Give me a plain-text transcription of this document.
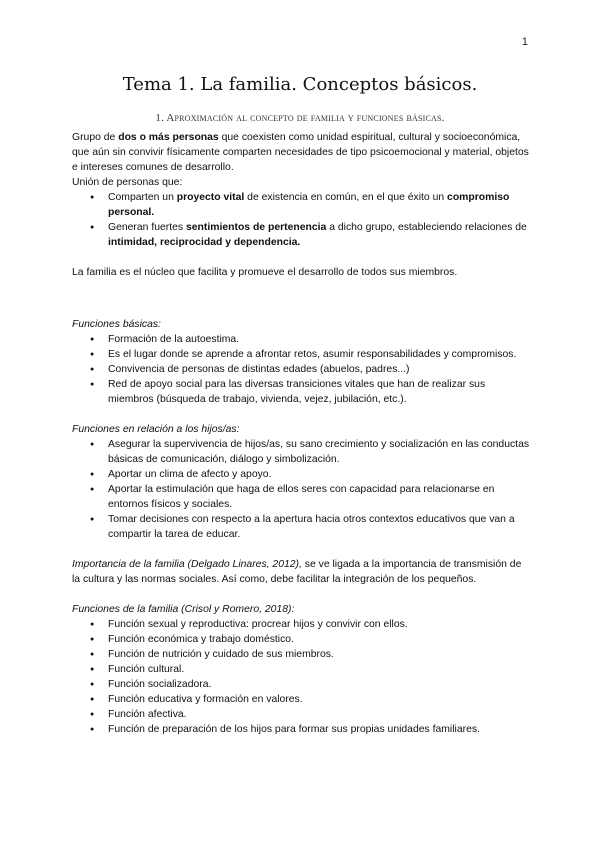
1
Tema 1. La familia. Conceptos básicos.
1. Aproximación al concepto de familia y funciones básicas.

Grupo de dos o más personas que coexisten como unidad espiritual, cultural y socioeconómica, que aún sin convivir físicamente comparten necesidades de tipo psicoemocional y material, objetos e intereses comunes de desarrollo.

Unión de personas que:

● Comparten un proyecto vital de existencia en común, en el que éxito un compromiso personal.
● Generan fuertes sentimientos de pertenencia a dicho grupo, estableciendo relaciones de intimidad, reciprocidad y dependencia.

La familia es el núcleo que facilita y promueve el desarrollo de todos sus miembros.

Funciones básicas:

● Formación de la autoestima.
● Es el lugar donde se aprende a afrontar retos, asumir responsabilidades y compromisos.
● Convivencia de personas de distintas edades (abuelos, padres...)
● Red de apoyo social para las diversas transiciones vitales que han de realizar sus miembros (búsqueda de trabajo, vivienda, vejez, jubilación, etc.).

Funciones en relación a los hijos/as:

● Asegurar la supervivencia de hijos/as, su sano crecimiento y socialización en las conductas básicas de comunicación, diálogo y simbolización.
● Aportar un clima de afecto y apoyo.
● Aportar la estimulación que haga de ellos seres con capacidad para relacionarse en entornos físicos y sociales.
● Tomar decisiones con respecto a la apertura hacia otros contextos educativos que van a compartir la tarea de educar.

Importancia de la familia (Delgado Linares, 2012), se ve ligada a la importancia de transmisión de la cultura y las normas sociales. Así como, debe facilitar la integración de los pequeños.

Funciones de la familia (Crisol y Romero, 2018):

● Función sexual y reproductiva: procrear hijos y convivir con ellos.
● Función económica y trabajo doméstico.
● Función de nutrición y cuidado de sus miembros.
● Función cultural.
● Función socializadora.
● Función educativa y formación en valores.
● Función afectiva.
● Función de preparación de los hijos para formar sus propias unidades familiares.
